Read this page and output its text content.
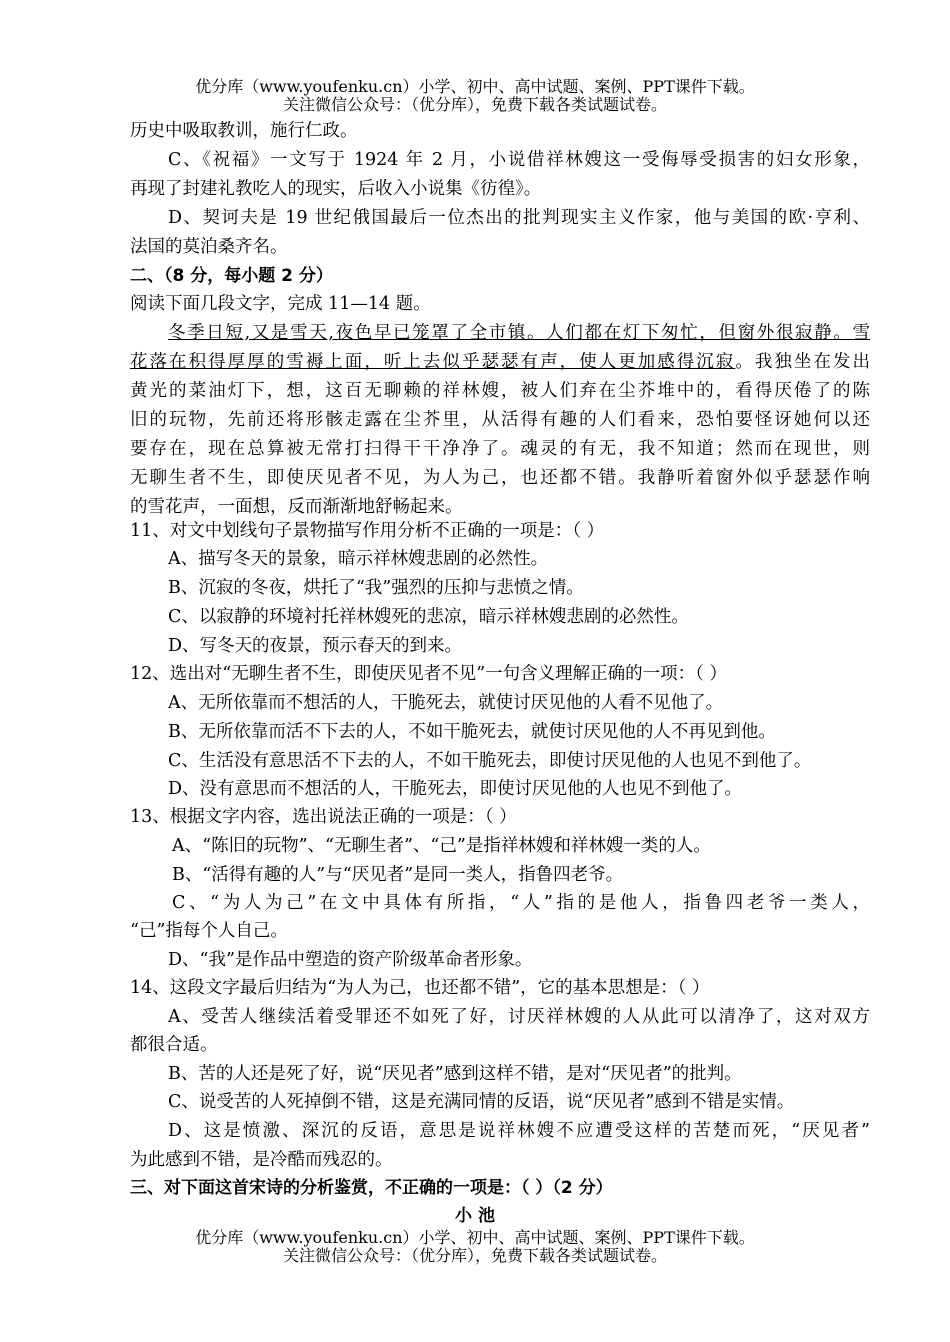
优分库（www.youfenku.cn）小学、初中、高中试题、案例、PPT课件下载。
关注微信公众号：（优分库），免费下载各类试题试卷。
历史中吸取教训，施行仁政。
C、《祝福》一文写于 1924 年 2 月，小说借祥林嫂这一受侮辱受损害的妇女形象，
再现了封建礼教吃人的现实，后收入小说集《彷徨》。
D、契诃夫是 19 世纪俄国最后一位杰出的批判现实主义作家，他与美国的欧·亨利、
法国的莫泊桑齐名。
二、（8 分，每小题 2 分）
阅读下面几段文字，完成 11—14 题。
冬季日短,又是雪天,夜色早已笼罩了全市镇。人们都在灯下匆忙，但窗外很寂静。雪
花落在积得厚厚的雪褥上面，听上去似乎瑟瑟有声，使人更加感得沉寂。我独坐在发出
黄光的菜油灯下，想，这百无聊赖的祥林嫂，被人们弃在尘芥堆中的，看得厌倦了的陈
旧的玩物，先前还将形骸走露在尘芥里，从活得有趣的人们看来，恐怕要怪讶她何以还
要存在，现在总算被无常打扫得干干净净了。魂灵的有无，我不知道；然而在现世，则
无聊生者不生，即使厌见者不见，为人为己，也还都不错。我静听着窗外似乎瑟瑟作响
的雪花声，一面想，反而渐渐地舒畅起来。
11、对文中划线句子景物描写作用分析不正确的一项是：（ ）
A、描写冬天的景象，暗示祥林嫂悲剧的必然性。
B、沉寂的冬夜，烘托了“我”强烈的压抑与悲愤之情。
C、以寂静的环境衬托祥林嫂死的悲凉，暗示祥林嫂悲剧的必然性。
D、写冬天的夜景，预示春天的到来。
12、选出对“无聊生者不生，即使厌见者不见”一句含义理解正确的一项：（ ）
A、无所依靠而不想活的人，干脆死去，就使讨厌见他的人看不见他了。
B、无所依靠而活不下去的人，不如干脆死去，就使讨厌见他的人不再见到他。
C、生活没有意思活不下去的人，不如干脆死去，即使讨厌见他的人也见不到他了。
D、没有意思而不想活的人，干脆死去，即使讨厌见他的人也见不到他了。
13、根据文字内容，选出说法正确的一项是：（ ）
A、“陈旧的玩物”、“无聊生者”、“己”是指祥林嫂和祥林嫂一类的人。
B、“活得有趣的人”与“厌见者”是同一类人，指鲁四老爷。
C、“为人为己”在文中具体有所指，“人”指的是他人，指鲁四老爷一类人，
“己”指每个人自己。
D、“我”是作品中塑造的资产阶级革命者形象。
14、这段文字最后归结为“为人为己，也还都不错”，它的基本思想是：（ ）
A、受苦人继续活着受罪还不如死了好，讨厌祥林嫂的人从此可以清净了，这对双方
都很合适。
B、苦的人还是死了好，说“厌见者”感到这样不错，是对“厌见者”的批判。
C、说受苦的人死掉倒不错，这是充满同情的反语，说“厌见者”感到不错是实情。
D、这是愤激、深沉的反语，意思是说祥林嫂不应遭受这样的苦楚而死，“厌见者”
为此感到不错，是冷酷而残忍的。
三、对下面这首宋诗的分析鉴赏，不正确的一项是：（ ）（2 分）
小 池
优分库（www.youfenku.cn）小学、初中、高中试题、案例、PPT课件下载。
关注微信公众号：（优分库），免费下载各类试题试卷。
